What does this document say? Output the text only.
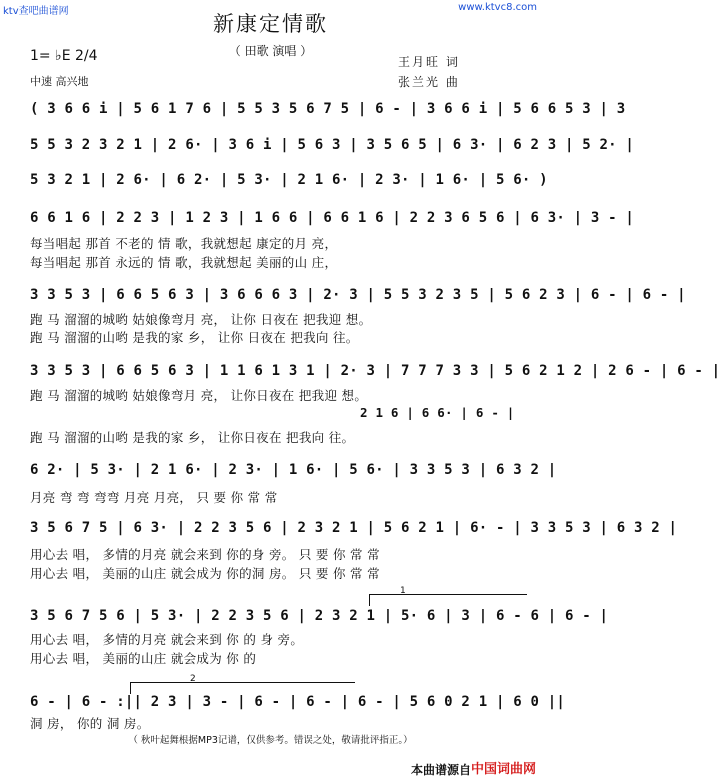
ktv查吧曲谱网	www.ktvc8.com
新康定情歌
（ 田歌 演唱 ）
1= ♭E 2/4
中速 高兴地
王月旺 词
张兰光 曲
( 3 6 6 i | 5 6 1 7 6 | 5 5 3 5 6 7 5 | 6 - | 3 6 6 i | 5 6 6 5 3 | 3
5 5 3 2 3 2 1 | 2 6· | 3 6 i | 5 6 3 | 3 5 6 5 | 6 3· | 6 2 3 | 5 2· |
5 3 2 1 | 2 6· | 6 2· | 5 3· | 2 1 6· | 2 3· | 1 6· | 5 6· )
6 6 1 6 | 2 2 3 | 1 2 3 | 1 6 6 | 6 6 1 6 | 2 2 3 6 5 6 | 6 3· | 3 - |
每当唱起 那首 不老的 情 歌，我就想起 康定的月 亮，
每当唱起 那首 永远的 情 歌，我就想起 美丽的山 庄，
3 3 5 3 | 6 6 5 6 3 | 3 6 6 6 3 | 2· 3 | 5 5 3 2 3 5 | 5 6 2 3 | 6 - | 6 - |
跑 马 溜溜的城哟 姑娘像弯月 亮， 让你 日夜在 把我迎 想。
跑 马 溜溜的山哟 是我的家 乡， 让你 日夜在 把我向 往。
3 3 5 3 | 6 6 5 6 3 | 1 1 6 1 3 1 | 2· 3 | 7 7 7 3 3 | 5 6 2 1 2 | 2 6 - | 6 - |
跑 马 溜溜的城哟 姑娘像弯月 亮， 让你日夜在 把我迎 想。
2 1 6 | 6 6· | 6 - |
跑 马 溜溜的山哟 是我的家 乡， 让你日夜在 把我向 往。
6 2· | 5 3· | 2 1 6· | 2 3· | 1 6· | 5 6· | 3 3 5 3 | 6 3 2 |
月亮 弯 弯 弯弯 月亮 月亮， 只 要 你 常 常
3 5 6 7 5 | 6 3· | 2 2 3 5 6 | 2 3 2 1 | 5 6 2 1 | 6· - | 3 3 5 3 | 6 3 2 |
用心去 唱， 多情的月亮 就会来到 你的身 旁。 只 要 你 常 常
用心去 唱， 美丽的山庄 就会成为 你的洞 房。 只 要 你 常 常
1
3 5 6 7 5 6 | 5 3· | 2 2 3 5 6 | 2 3 2 1 | 5· 6 | 3 | 6 - 6 | 6 - |
用心去 唱， 多情的月亮 就会来到 你 的 身 旁。
用心去 唱， 美丽的山庄 就会成为 你 的
2
6 - | 6 - :|| 2 3 | 3 - | 6 - | 6 - | 6 - | 5 6 0 2 1 | 6 0 ||
洞 房， 你的 洞 房。
（ 秋叶起舞根据MP3记谱，仅供参考。错误之处，敬请批评指正。）
本曲谱源自 中国词曲网
